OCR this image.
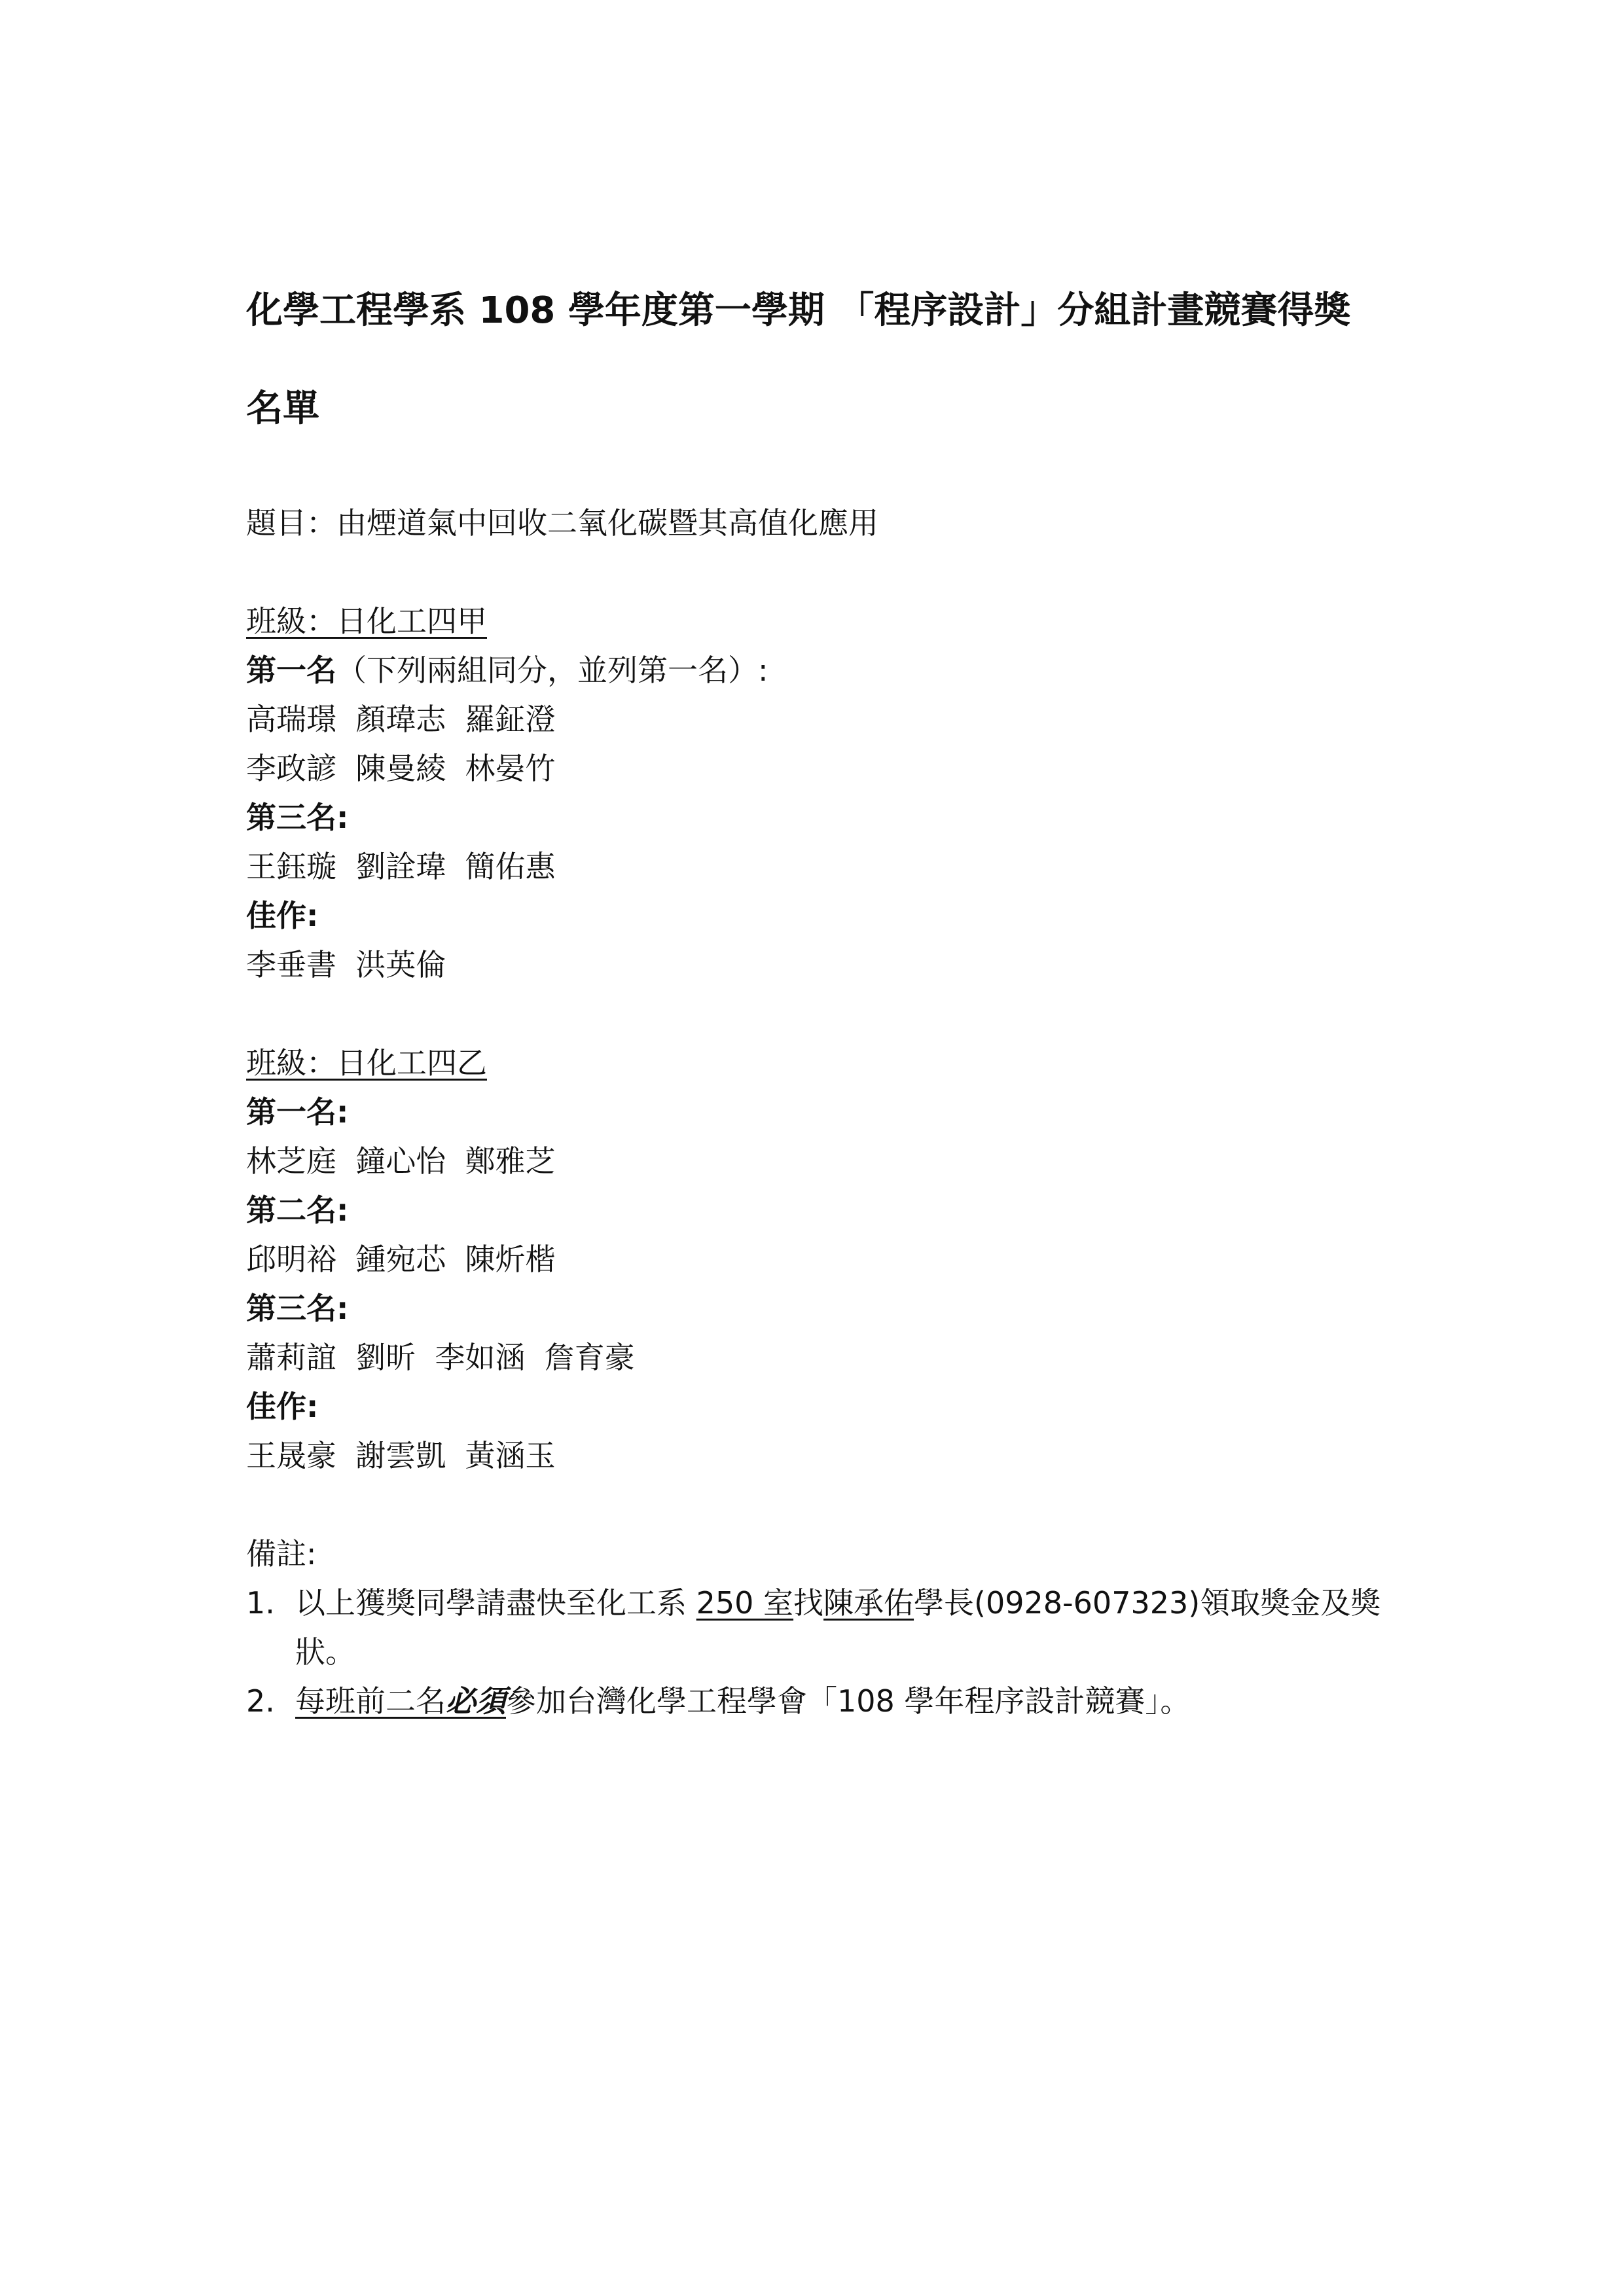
化學工程學系 108 學年度第一學期 「程序設計」分組計畫競賽得獎
名單
題目：由煙道氣中回收二氧化碳暨其高值化應用
班級：日化工四甲
第一名（下列兩組同分，並列第一名）:
高瑞璟  顏瑋志  羅鉦澄
李政諺  陳曼綾  林晏竹
第三名:
王鈺璇  劉詮瑋  簡佑惠
佳作:
李垂書  洪英倫
班級：日化工四乙
第一名:
林芝庭  鐘心怡  鄭雅芝
第二名:
邱明裕  鍾宛芯  陳炘楷
第三名:
蕭莉誼  劉昕  李如涵  詹育豪
佳作:
王晟豪  謝雲凱  黃涵玉
備註:
1. 以上獲獎同學請盡快至化工系 250 室找陳承佑學長(0928-607323)領取獎金及獎狀。
2. 每班前二名必須參加台灣化學工程學會「108 學年程序設計競賽」。
